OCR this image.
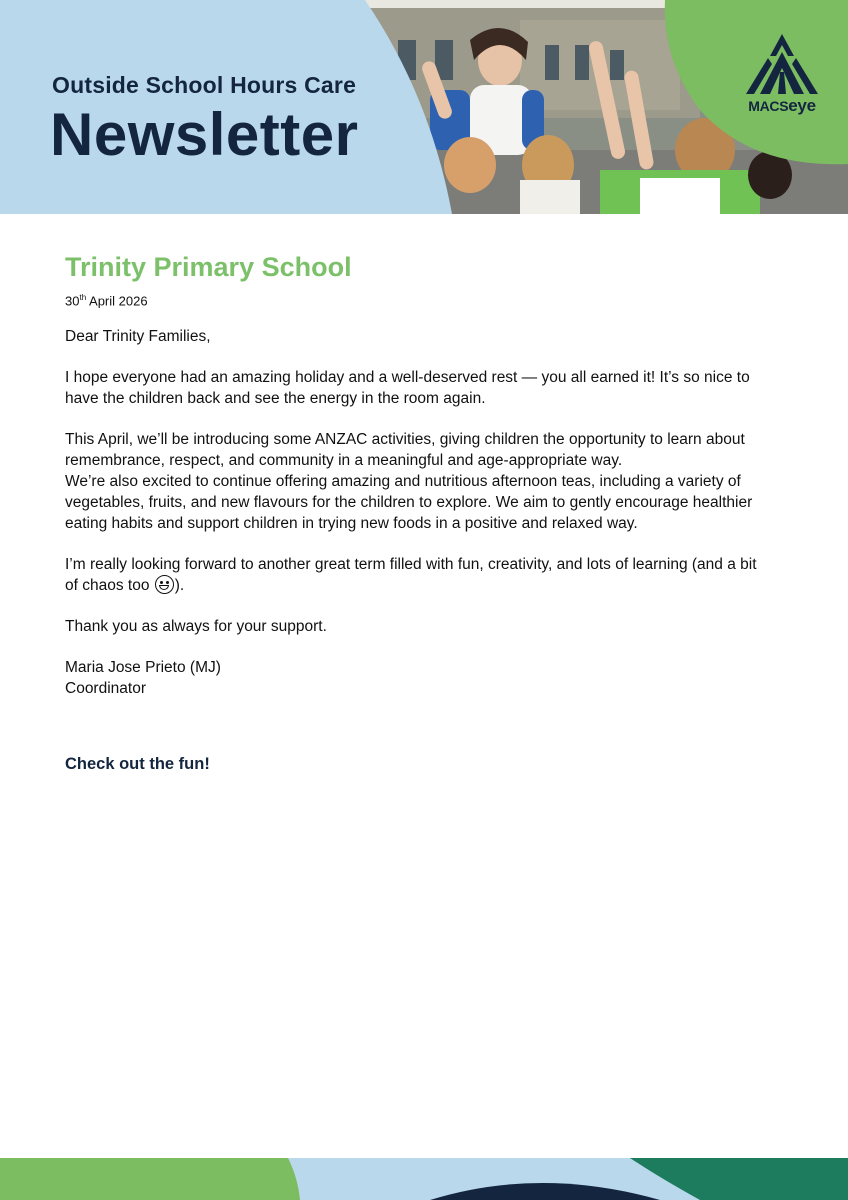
Outside School Hours Care
Newsletter	MACSeye
Trinity Primary School
30th April 2026

Dear Trinity Families,

I hope everyone had an amazing holiday and a well-deserved rest — you all earned it! It’s so nice to have the children back and see the energy in the room again.

This April, we’ll be introducing some ANZAC activities, giving children the opportunity to learn about remembrance, respect, and community in a meaningful and age-appropriate way.

We’re also excited to continue offering amazing and nutritious afternoon teas, including a variety of vegetables, fruits, and new flavours for the children to explore. We aim to gently encourage healthier eating habits and support children in trying new foods in a positive and relaxed way.

I’m really looking forward to another great term filled with fun, creativity, and lots of learning (and a bit of chaos too ).

Thank you as always for your support.

Maria Jose Prieto (MJ)

Coordinator

Check out the fun!
